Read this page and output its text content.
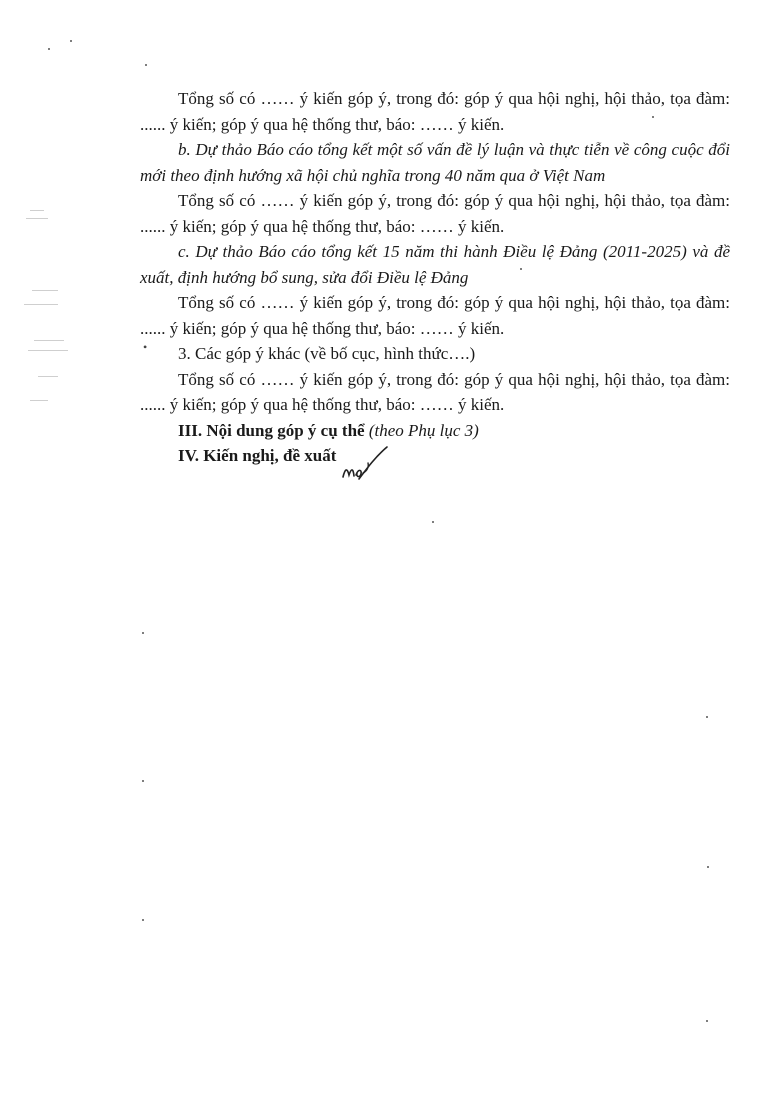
Tổng số có …… ý kiến góp ý, trong đó: góp ý qua hội nghị, hội thảo, tọa đàm: ...... ý kiến; góp ý qua hệ thống thư, báo: …… ý kiến.

b. Dự thảo Báo cáo tổng kết một số vấn đề lý luận và thực tiễn về công cuộc đổi mới theo định hướng xã hội chủ nghĩa trong 40 năm qua ở Việt Nam

Tổng số có …… ý kiến góp ý, trong đó: góp ý qua hội nghị, hội thảo, tọa đàm: ...... ý kiến; góp ý qua hệ thống thư, báo: …… ý kiến.

c. Dự thảo Báo cáo tổng kết 15 năm thi hành Điều lệ Đảng (2011-2025) và đề xuất, định hướng bổ sung, sửa đổi Điều lệ Đảng

Tổng số có …… ý kiến góp ý, trong đó: góp ý qua hội nghị, hội thảo, tọa đàm: ...... ý kiến; góp ý qua hệ thống thư, báo: …… ý kiến.

3. Các góp ý khác (về bố cục, hình thức….)

Tổng số có …… ý kiến góp ý, trong đó: góp ý qua hội nghị, hội thảo, tọa đàm: ...... ý kiến; góp ý qua hệ thống thư, báo: …… ý kiến.

III. Nội dung góp ý cụ thể (theo Phụ lục 3)

IV. Kiến nghị, đề xuất

•
